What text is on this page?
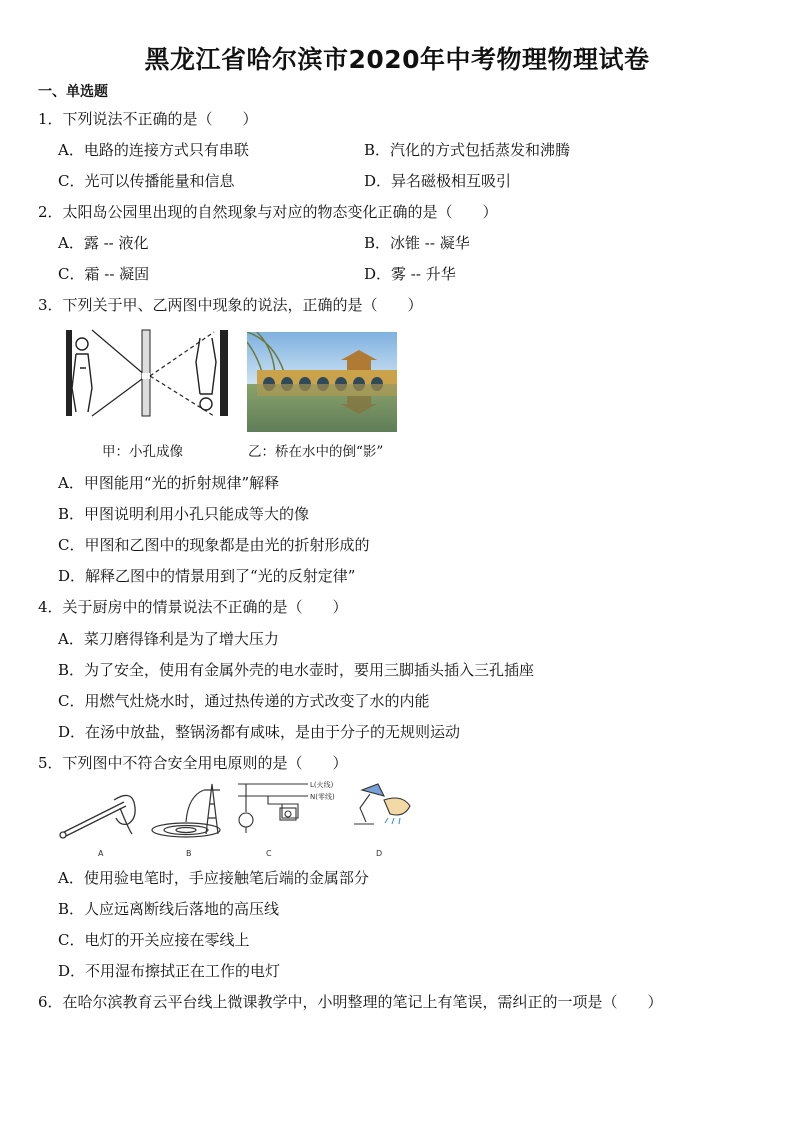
黑龙江省哈尔滨市2020年中考物理物理试卷
一、单选题
1．下列说法不正确的是（　　）
A．电路的连接方式只有串联	B．汽化的方式包括蒸发和沸腾
C．光可以传播能量和信息	D．异名磁极相互吸引
2．太阳岛公园里出现的自然现象与对应的物态变化正确的是（　　）
A．露 -- 液化	B．冰锥 -- 凝华
C．霜 -- 凝固	D．雾 -- 升华
3．下列关于甲、乙两图中现象的说法，正确的是（　　）
甲：小孔成像	乙：桥在水中的倒“影”
A．甲图能用“光的折射规律”解释
B．甲图说明利用小孔只能成等大的像
C．甲图和乙图中的现象都是由光的折射形成的
D．解释乙图中的情景用到了“光的反射定律”
4．关于厨房中的情景说法不正确的是（　　）
A．菜刀磨得锋利是为了增大压力
B．为了安全，使用有金属外壳的电水壶时，要用三脚插头插入三孔插座
C．用燃气灶烧水时，通过热传递的方式改变了水的内能
D．在汤中放盐，整锅汤都有咸味，是由于分子的无规则运动
5．下列图中不符合安全用电原则的是（　　）
A	B
L(火线)
N(零线)
C	D
A．使用验电笔时，手应接触笔后端的金属部分
B．人应远离断线后落地的高压线
C．电灯的开关应接在零线上
D．不用湿布擦拭正在工作的电灯
6．在哈尔滨教育云平台线上微课教学中，小明整理的笔记上有笔误，需纠正的一项是（　　）
